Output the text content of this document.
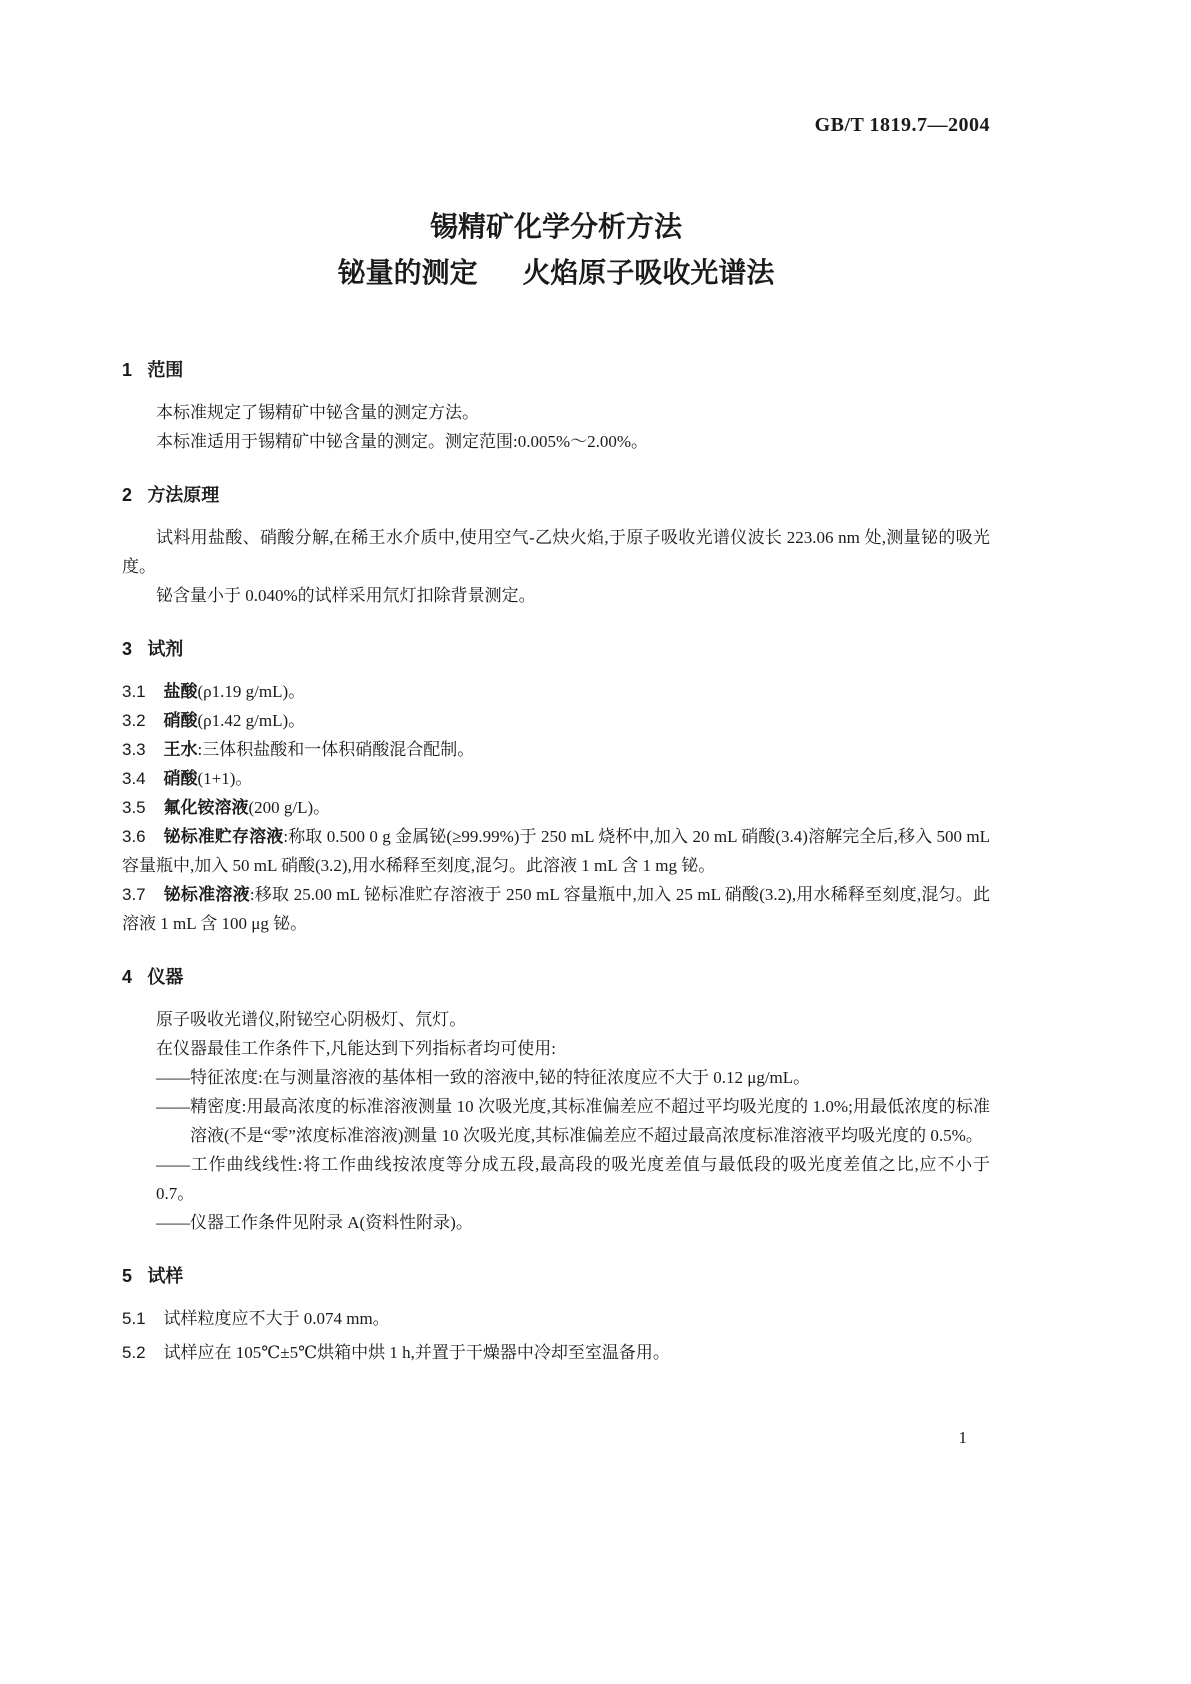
GB/T 1819.7—2004
锡精矿化学分析方法
铋量的测定 火焰原子吸收光谱法
1 范围

本标准规定了锡精矿中铋含量的测定方法。

本标准适用于锡精矿中铋含量的测定。测定范围:0.005%～2.00%。

2 方法原理

试料用盐酸、硝酸分解,在稀王水介质中,使用空气-乙炔火焰,于原子吸收光谱仪波长 223.06 nm 处,测量铋的吸光度。

铋含量小于 0.040%的试样采用氘灯扣除背景测定。

3 试剂
3.1 盐酸(ρ1.19 g/mL)。
3.2 硝酸(ρ1.42 g/mL)。
3.3 王水:三体积盐酸和一体积硝酸混合配制。
3.4 硝酸(1+1)。
3.5 氟化铵溶液(200 g/L)。
3.6 铋标准贮存溶液:称取 0.500 0 g 金属铋(≥99.99%)于 250 mL 烧杯中,加入 20 mL 硝酸(3.4)溶解完全后,移入 500 mL 容量瓶中,加入 50 mL 硝酸(3.2),用水稀释至刻度,混匀。此溶液 1 mL 含 1 mg 铋。
3.7 铋标准溶液:移取 25.00 mL 铋标准贮存溶液于 250 mL 容量瓶中,加入 25 mL 硝酸(3.2),用水稀释至刻度,混匀。此溶液 1 mL 含 100 μg 铋。
4 仪器

原子吸收光谱仪,附铋空心阴极灯、氘灯。

在仪器最佳工作条件下,凡能达到下列指标者均可使用:

——特征浓度:在与测量溶液的基体相一致的溶液中,铋的特征浓度应不大于 0.12 μg/mL。

——精密度:用最高浓度的标准溶液测量 10 次吸光度,其标准偏差应不超过平均吸光度的 1.0%;用最低浓度的标准溶液(不是“零”浓度标准溶液)测量 10 次吸光度,其标准偏差应不超过最高浓度标准溶液平均吸光度的 0.5%。

——工作曲线线性:将工作曲线按浓度等分成五段,最高段的吸光度差值与最低段的吸光度差值之比,应不小于 0.7。

——仪器工作条件见附录 A(资料性附录)。

5 试样
5.1 试样粒度应不大于 0.074 mm。
5.2 试样应在 105℃±5℃烘箱中烘 1 h,并置于干燥器中冷却至室温备用。
1
